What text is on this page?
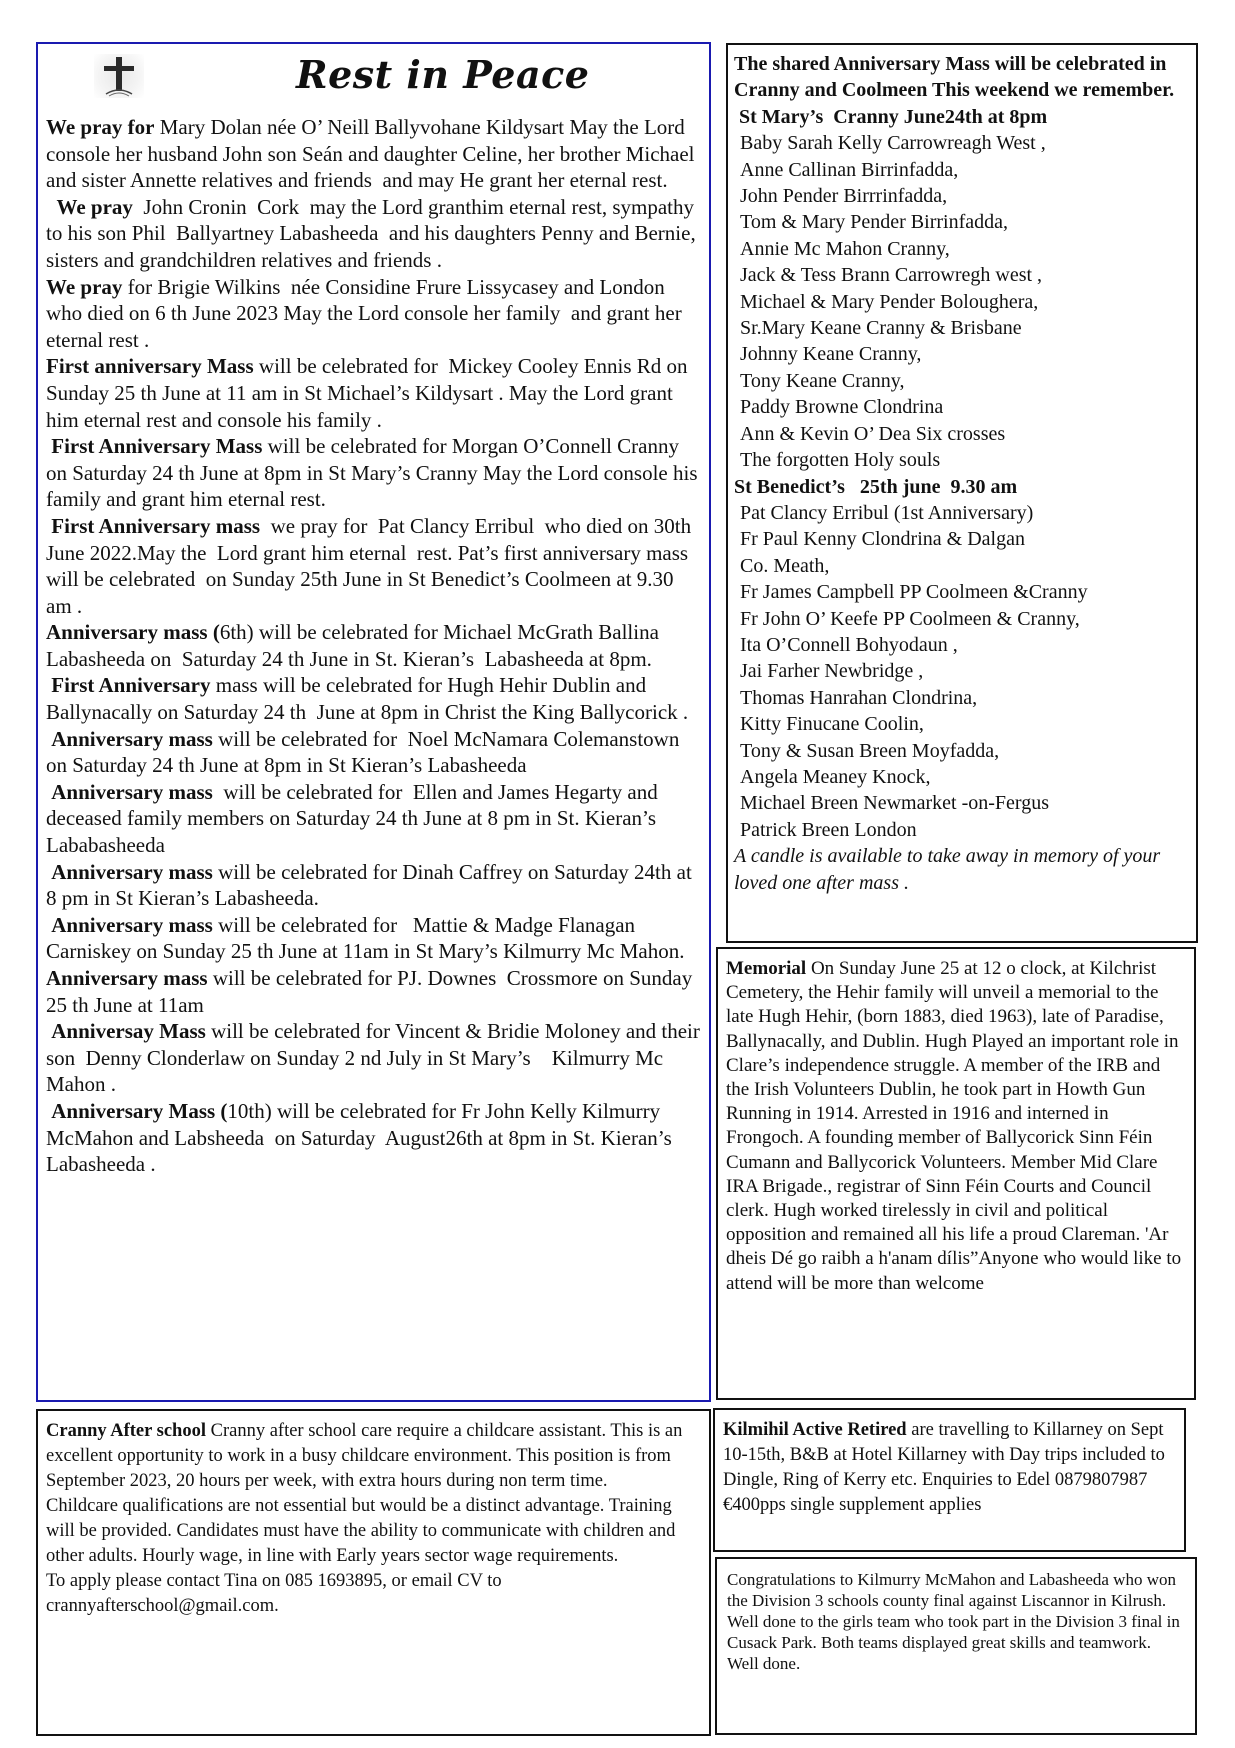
Rest in Peace

We pray for Mary Dolan née O’ Neill Ballyvohane Kildysart May the Lord console her husband John son Seán and daughter Celine, her brother Michael and sister Annette relatives and friends  and may He grant her eternal rest.

We pray  John Cronin  Cork  may the Lord granthim eternal rest, sympathy to his son Phil  Ballyartney Labasheeda  and his daughters Penny and Bernie, sisters and grandchildren relatives and friends .

We pray for Brigie Wilkins  née Considine Frure Lissycasey and London who died on 6 th June 2023 May the Lord console her family  and grant her eternal rest .

First anniversary Mass will be celebrated for  Mickey Cooley Ennis Rd on Sunday 25 th June at 11 am in St Michael’s Kildysart . May the Lord grant him eternal rest and console his family .

First Anniversary Mass will be celebrated for Morgan O’Connell Cranny on Saturday 24 th June at 8pm in St Mary’s Cranny May the Lord console his family and grant him eternal rest.

First Anniversary mass  we pray for  Pat Clancy Erribul  who died on 30th June 2022.May the  Lord grant him eternal  rest. Pat’s first anniversary mass will be celebrated  on Sunday 25th June in St Benedict’s Coolmeen at 9.30 am .

Anniversary mass (6th) will be celebrated for Michael McGrath Ballina Labasheeda on  Saturday 24 th June in St. Kieran’s  Labasheeda at 8pm.

First Anniversary mass will be celebrated for Hugh Hehir Dublin and Ballynacally on Saturday 24 th  June at 8pm in Christ the King Ballycorick .

Anniversary mass will be celebrated for  Noel McNamara Colemanstown  on Saturday 24 th June at 8pm in St Kieran’s Labasheeda

Anniversary mass  will be celebrated for  Ellen and James Hegarty and deceased family members on Saturday 24 th June at 8 pm in St. Kieran’s Lababasheeda

Anniversary mass will be celebrated for Dinah Caffrey on Saturday 24th at 8 pm in St Kieran’s Labasheeda.

Anniversary mass will be celebrated for   Mattie & Madge Flanagan Carniskey on Sunday 25 th June at 11am in St Mary’s Kilmurry Mc Mahon.

Anniversary mass will be celebrated for PJ. Downes  Crossmore on Sunday 25 th June at 11am

Anniversay Mass will be celebrated for Vincent & Bridie Moloney and their son  Denny Clonderlaw on Sunday 2 nd July in St Mary’s    Kilmurry Mc Mahon .

Anniversary Mass (10th) will be celebrated for Fr John Kelly Kilmurry McMahon and Labsheeda  on Saturday  August26th at 8pm in St. Kieran’s Labasheeda .

The shared Anniversary Mass will be celebrated in Cranny and Coolmeen This weekend we remember.

St Mary’s  Cranny June24th at 8pm

Baby Sarah Kelly Carrowreagh West ,

Anne Callinan Birrinfadda,

John Pender Birrrinfadda,

Tom & Mary Pender Birrinfadda,

Annie Mc Mahon Cranny,

Jack & Tess Brann Carrowregh west ,

Michael & Mary Pender Boloughera,

Sr.Mary Keane Cranny & Brisbane

Johnny Keane Cranny,

Tony Keane Cranny,

Paddy Browne Clondrina

Ann & Kevin O’ Dea Six crosses

The forgotten Holy souls

St Benedict’s   25th june  9.30 am

Pat Clancy Erribul (1st Anniversary)

Fr Paul Kenny Clondrina & Dalgan

Co. Meath,

Fr James Campbell PP Coolmeen &Cranny

Fr John O’ Keefe PP Coolmeen & Cranny,

Ita O’Connell Bohyodaun ,

Jai Farher Newbridge ,

Thomas Hanrahan Clondrina,

Kitty Finucane Coolin,

Tony & Susan Breen Moyfadda,

Angela Meaney Knock,

Michael Breen Newmarket -on-Fergus

Patrick Breen London

A candle is available to take away in memory of your loved one after mass .

Memorial On Sunday June 25 at 12 o clock, at Kilchrist Cemetery, the Hehir family will unveil a memorial to the late Hugh Hehir, (born 1883, died 1963), late of Paradise, Ballynacally, and Dublin. Hugh Played an important role in Clare’s independence struggle. A member of the IRB and the Irish Volunteers Dublin, he took part in Howth Gun Running in 1914. Arrested in 1916 and interned in Frongoch. A founding member of Ballycorick Sinn Féin Cumann and Ballycorick Volunteers. Member Mid Clare IRA Brigade., registrar of Sinn Féin Courts and Council clerk. Hugh worked tirelessly in civil and political opposition and remained all his life a proud Clareman. 'Ar dheis Dé go raibh a h'anam dílis”Anyone who would like to attend will be more than welcome

Cranny After school Cranny after school care require a childcare assistant. This is an excellent opportunity to work in a busy childcare environment. This position is from September 2023, 20 hours per week, with extra hours during non term time.

Childcare qualifications are not essential but would be a distinct advantage. Training will be provided. Candidates must have the ability to communicate with children and other adults. Hourly wage, in line with Early years sector wage requirements.

To apply please contact Tina on 085 1693895, or email CV to

crannyafterschool@gmail.com.

Kilmihil Active Retired are travelling to Killarney on Sept 10-15th, B&B at Hotel Killarney with Day trips included to Dingle, Ring of Kerry etc. Enquiries to Edel 0879807987

€400pps single supplement applies

Congratulations to Kilmurry McMahon and Labasheeda who won the Division 3 schools county final against Liscannor in Kilrush. Well done to the girls team who took part in the Division 3 final in Cusack Park. Both teams displayed great skills and teamwork. Well done.
